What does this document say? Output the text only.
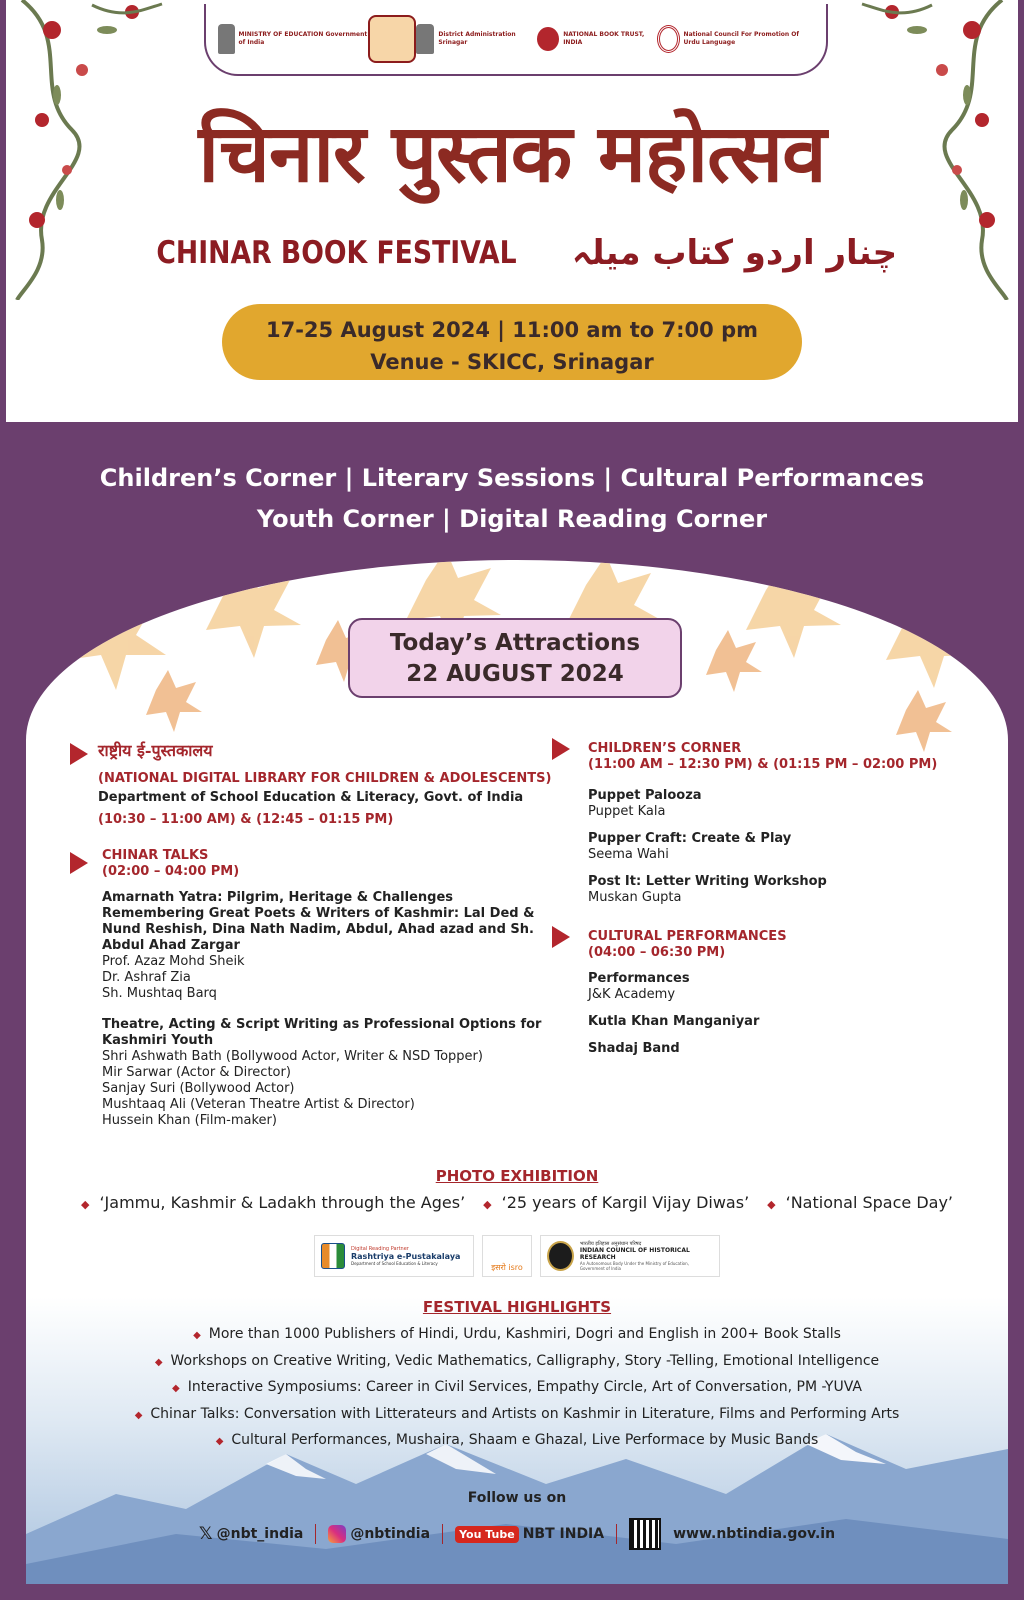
MINISTRY OF EDUCATION Government of India
District Administration Srinagar
NATIONAL BOOK TRUST, INDIA
National Council For Promotion Of Urdu Language
चिनार पुस्तक महोत्सव
CHINAR BOOK FESTIVAL چنار اردو کتاب میلہ
17-25 August 2024 | 11:00 am to 7:00 pm
Venue - SKICC, Srinagar
Children’s Corner | Literary Sessions | Cultural Performances
Youth Corner | Digital Reading Corner
Today’s Attractions
22 AUGUST 2024
राष्ट्रीय ई-पुस्तकालय
(NATIONAL DIGITAL LIBRARY FOR CHILDREN & ADOLESCENTS)
Department of School Education & Literacy, Govt. of India
(10:30 – 11:00 AM) & (12:45 – 01:15 PM)
CHINAR TALKS
(02:00 – 04:00 PM)
Amarnath Yatra: Pilgrim, Heritage & Challenges
Remembering Great Poets & Writers of Kashmir: Lal Ded &
Nund Reshish, Dina Nath Nadim, Abdul, Ahad azad and Sh.
Abdul Ahad Zargar
Prof. Azaz Mohd Sheik
Dr. Ashraf Zia
Sh. Mushtaq Barq
Theatre, Acting & Script Writing as Professional Options for
Kashmiri Youth
Shri Ashwath Bath (Bollywood Actor, Writer & NSD Topper)
Mir Sarwar (Actor & Director)
Sanjay Suri (Bollywood Actor)
Mushtaaq Ali (Veteran Theatre Artist & Director)
Hussein Khan (Film-maker)
CHILDREN’S CORNER
(11:00 AM – 12:30 PM) & (01:15 PM – 02:00 PM)
Puppet Palooza
Puppet Kala
Pupper Craft: Create & Play
Seema Wahi
Post It: Letter Writing Workshop
Muskan Gupta
CULTURAL PERFORMANCES
(04:00 – 06:30 PM)
Performances
J&K Academy
Kutla Khan Manganiyar
Shadaj Band
PHOTO EXHIBITION
◆ ‘Jammu, Kashmir & Ladakh through the Ages’ ◆ ‘25 years of Kargil Vijay Diwas’ ◆ ‘National Space Day’
Digital Reading Partner
Rashtriya e-Pustakalaya
Department of School Education & Literacy	इसरो isro
भारतीय इतिहास अनुसंधान परिषद
INDIAN COUNCIL OF HISTORICAL RESEARCH
An Autonomous Body Under the Ministry of Education, Government of India
FESTIVAL HIGHLIGHTS
◆ More than 1000 Publishers of Hindi, Urdu, Kashmiri, Dogri and English in 200+ Book Stalls
◆ Workshops on Creative Writing, Vedic Mathematics, Calligraphy, Story -Telling, Emotional Intelligence
◆ Interactive Symposiums: Career in Civil Services, Empathy Circle, Art of Conversation, PM -YUVA
◆ Chinar Talks: Conversation with Litterateurs and Artists on Kashmir in Literature, Films and Performing Arts
◆ Cultural Performances, Mushaira, Shaam e Ghazal, Live Performace by Music Bands
Follow us on
𝕏 @nbt_india	@nbtindia	You Tube NBT INDIA	www.nbtindia.gov.in
